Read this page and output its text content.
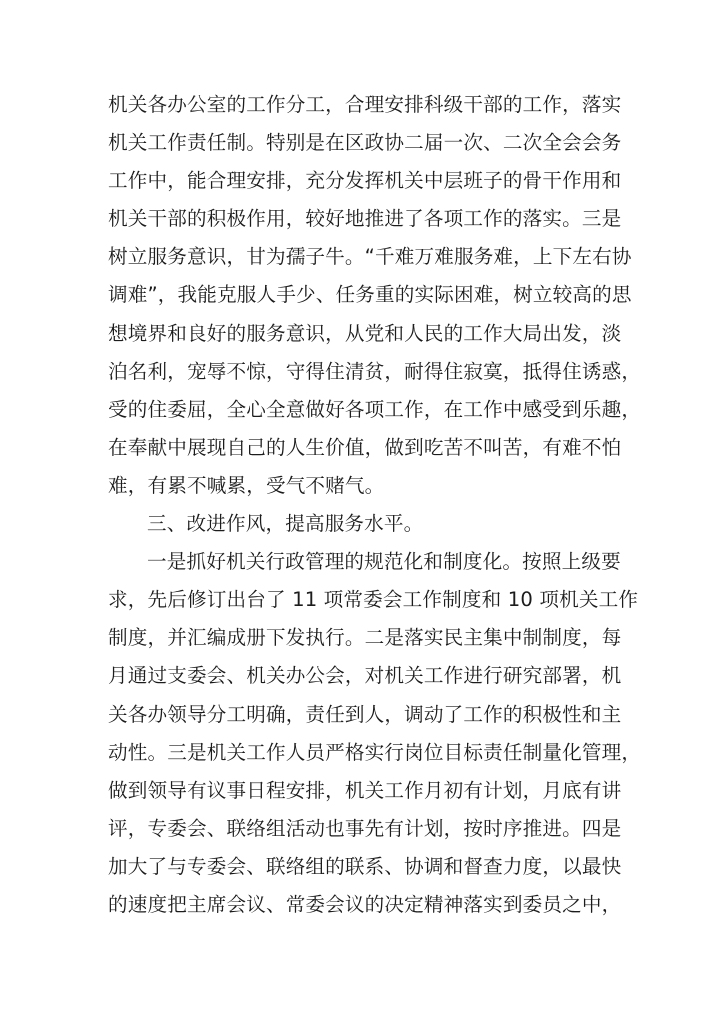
机关各办公室的工作分工，合理安排科级干部的工作，落实
机关工作责任制。特别是在区政协二届一次、二次全会会务
工作中，能合理安排，充分发挥机关中层班子的骨干作用和
机关干部的积极作用，较好地推进了各项工作的落实。三是
树立服务意识，甘为孺子牛。“千难万难服务难，上下左右协
调难”，我能克服人手少、任务重的实际困难，树立较高的思
想境界和良好的服务意识，从党和人民的工作大局出发，淡
泊名利，宠辱不惊，守得住清贫，耐得住寂寞，抵得住诱惑，
受的住委屈，全心全意做好各项工作，在工作中感受到乐趣，
在奉献中展现自己的人生价值，做到吃苦不叫苦，有难不怕
难，有累不喊累，受气不赌气。
三、改进作风，提高服务水平。
一是抓好机关行政管理的规范化和制度化。按照上级要
求，先后修订出台了 11 项常委会工作制度和 10 项机关工作
制度，并汇编成册下发执行。二是落实民主集中制制度，每
月通过支委会、机关办公会，对机关工作进行研究部署，机
关各办领导分工明确，责任到人，调动了工作的积极性和主
动性。三是机关工作人员严格实行岗位目标责任制量化管理，
做到领导有议事日程安排，机关工作月初有计划，月底有讲
评，专委会、联络组活动也事先有计划，按时序推进。四是
加大了与专委会、联络组的联系、协调和督查力度，以最快
的速度把主席会议、常委会议的决定精神落实到委员之中，
